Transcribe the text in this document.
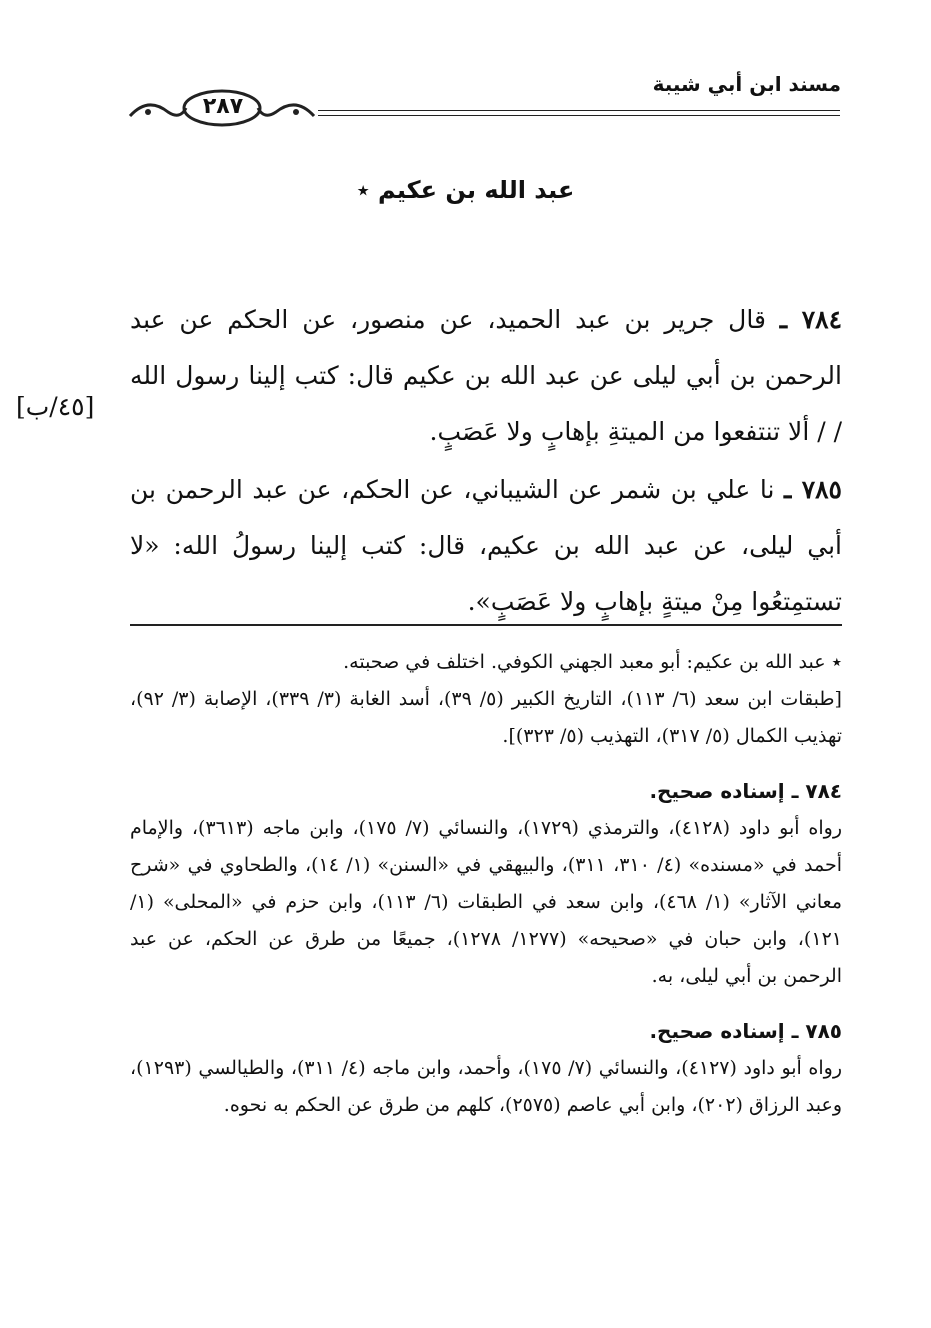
مسند ابن أبي شيبة
٢٨٧
عبد الله بن عكيم ٭

٧٨٤ ـ قال جرير بن عبد الحميد، عن منصور، عن الحكم عن عبد الرحمن بن أبي ليلى عن عبد الله بن عكيم قال: كتب إلينا رسول الله / / ألا تنتفعوا من الميتةِ بإهابٍ ولا عَصَبٍ.

٧٨٥ ـ نا علي بن شمر عن الشيباني، عن الحكم، عن عبد الرحمن بن أبي ليلى، عن عبد الله بن عكيم، قال: كتب إلينا رسولُ الله: «لا تستمِتعُوا مِنْ ميتةٍ بإهابٍ ولا عَصَبٍ».

[٤٥/ب]

٭ عبد الله بن عكيم: أبو معبد الجهني الكوفي. اختلف في صحبته.

[طبقات ابن سعد (٦/ ١١٣)، التاريخ الكبير (٥/ ٣٩)، أسد الغابة (٣/ ٣٣٩)، الإصابة (٣/ ٩٢)، تهذيب الكمال (٥/ ٣١٧)، التهذيب (٥/ ٣٢٣)].

٧٨٤ ـ إسناده صحيح.

رواه أبو داود (٤١٢٨)، والترمذي (١٧٢٩)، والنسائي (٧/ ١٧٥)، وابن ماجه (٣٦١٣)، والإمام أحمد في «مسنده» (٤/ ٣١٠، ٣١١)، والبيهقي في «السنن» (١/ ١٤)، والطحاوي في «شرح معاني الآثار» (١/ ٤٦٨)، وابن سعد في الطبقات (٦/ ١١٣)، وابن حزم في «المحلى» (١/ ١٢١)، وابن حبان في «صحيحه» (١٢٧٧/ ١٢٧٨)، جميعًا من طرق عن الحكم، عن عبد الرحمن بن أبي ليلى، به.

٧٨٥ ـ إسناده صحيح.

رواه أبو داود (٤١٢٧)، والنسائي (٧/ ١٧٥)، وأحمد، وابن ماجه (٤/ ٣١١)، والطيالسي (١٢٩٣)، وعبد الرزاق (٢٠٢)، وابن أبي عاصم (٢٥٧٥)، كلهم من طرق عن الحكم به نحوه.
